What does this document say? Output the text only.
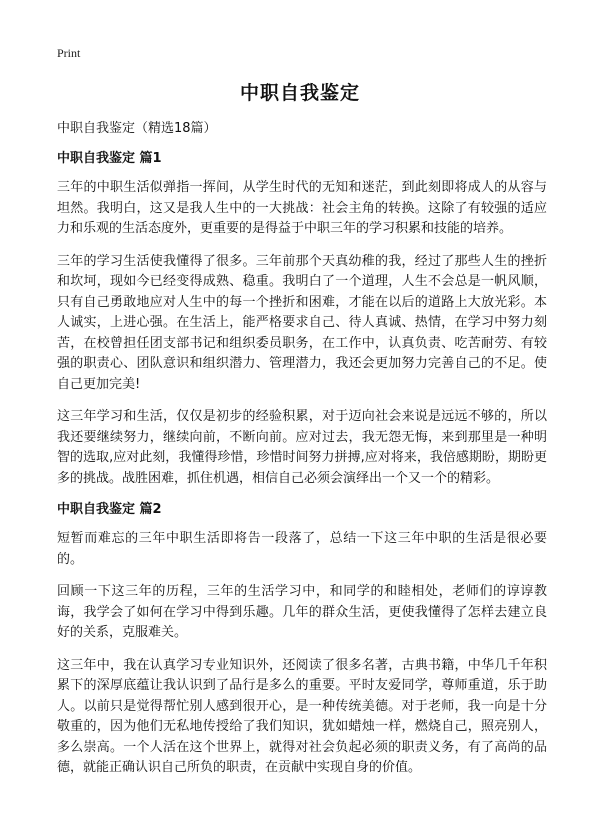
Print
中职自我鉴定

中职自我鉴定（精选18篇）

中职自我鉴定 篇1

三年的中职生活似弹指一挥间，从学生时代的无知和迷茫，到此刻即将成人的从容与坦然。我明白，这又是我人生中的一大挑战：社会主角的转换。这除了有较强的适应力和乐观的生活态度外，更重要的是得益于中职三年的学习积累和技能的培养。

三年的学习生活使我懂得了很多。三年前那个天真幼稚的我，经过了那些人生的挫折和坎坷，现如今已经变得成熟、稳重。我明白了一个道理，人生不会总是一帆风顺，只有自己勇敢地应对人生中的每一个挫折和困难，才能在以后的道路上大放光彩。本人诚实，上进心强。在生活上，能严格要求自己、待人真诚、热情，在学习中努力刻苦，在校曾担任团支部书记和组织委员职务，在工作中，认真负责、吃苦耐劳、有较强的职责心、团队意识和组织潜力、管理潜力，我还会更加努力完善自己的不足。使自己更加完美!

这三年学习和生活，仅仅是初步的经验积累，对于迈向社会来说是远远不够的，所以我还要继续努力，继续向前，不断向前。应对过去，我无怨无悔，来到那里是一种明智的选取,应对此刻，我懂得珍惜，珍惜时间努力拼搏,应对将来，我倍感期盼，期盼更多的挑战。战胜困难，抓住机遇，相信自己必须会演绎出一个又一个的精彩。

中职自我鉴定 篇2

短暂而难忘的三年中职生活即将告一段落了，总结一下这三年中职的生活是很必要的。

回顾一下这三年的历程，三年的生活学习中，和同学的和睦相处，老师们的谆谆教诲，我学会了如何在学习中得到乐趣。几年的群众生活，更使我懂得了怎样去建立良好的关系，克服难关。

这三年中，我在认真学习专业知识外，还阅读了很多名著，古典书籍，中华几千年积累下的深厚底蕴让我认识到了品行是多么的重要。平时友爱同学，尊师重道，乐于助人。以前只是觉得帮忙别人感到很开心，是一种传统美德。对于老师，我一向是十分敬重的，因为他们无私地传授给了我们知识，犹如蜡烛一样，燃烧自己，照亮别人，多么崇高。一个人活在这个世界上，就得对社会负起必须的职责义务，有了高尚的品德，就能正确认识自己所负的职责，在贡献中实现自身的价值。
